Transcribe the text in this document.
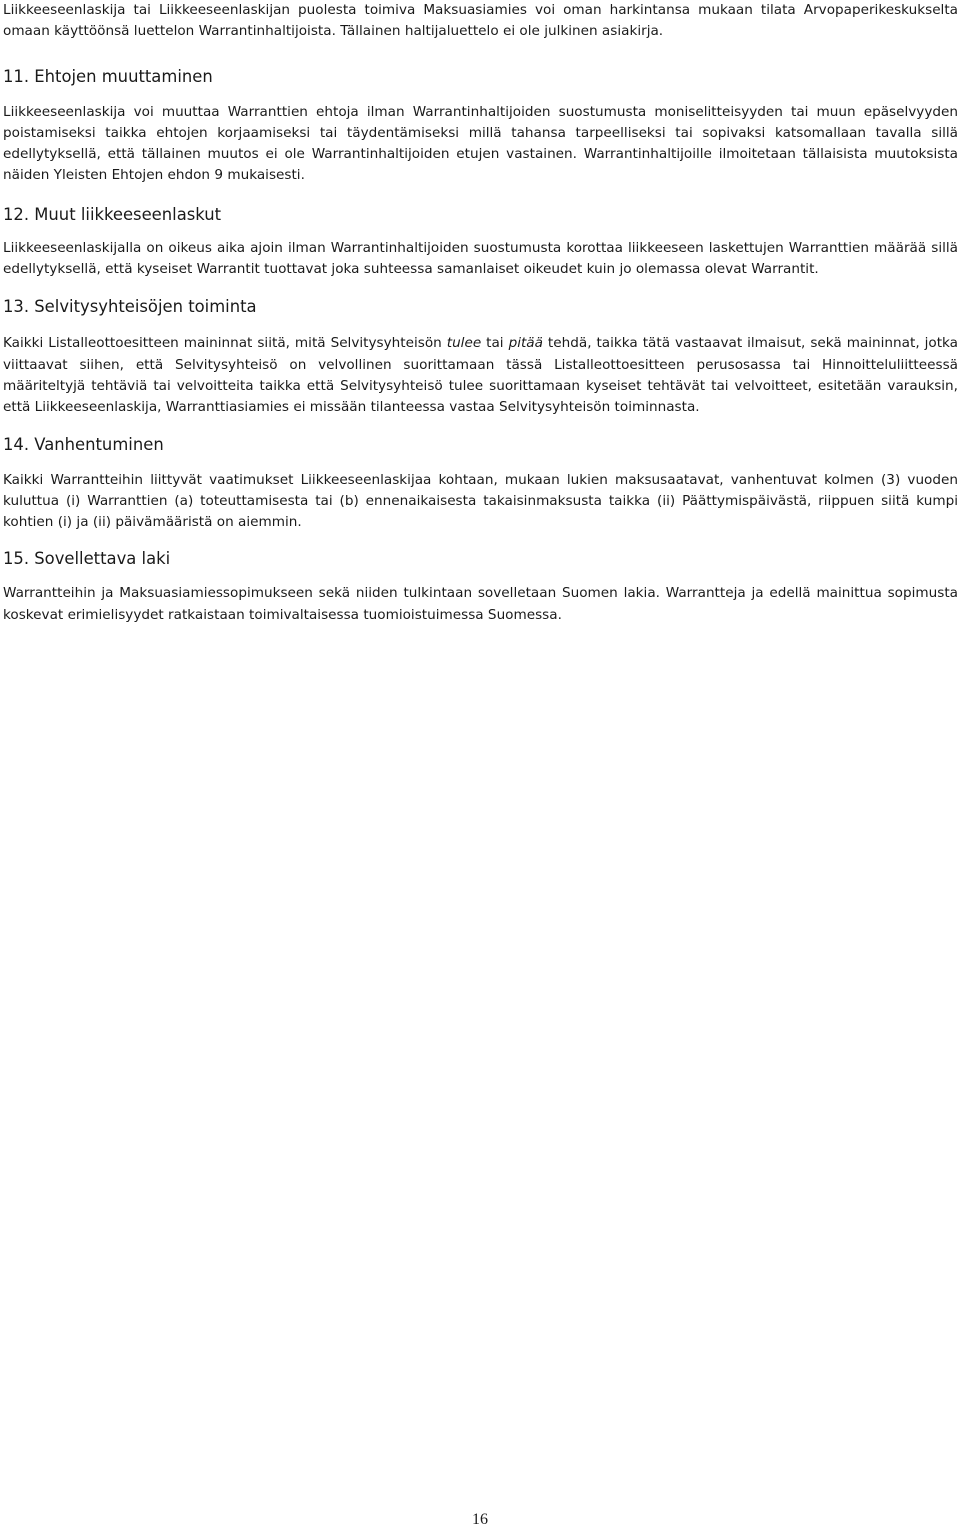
Liikkeeseenlaskija tai Liikkeeseenlaskijan puolesta toimiva Maksuasiamies voi oman harkintansa mukaan tilata Arvopaperikeskukselta omaan käyttöönsä luettelon Warrantinhaltijoista. Tällainen haltijaluettelo ei ole julkinen asiakirja.

11. Ehtojen muuttaminen

Liikkeeseenlaskija voi muuttaa Warranttien ehtoja ilman Warrantinhaltijoiden suostumusta moniselitteisyyden tai muun epäselvyyden poistamiseksi taikka ehtojen korjaamiseksi tai täydentämiseksi millä tahansa tarpeelliseksi tai sopivaksi katsomallaan tavalla sillä edellytyksellä, että tällainen muutos ei ole Warrantinhaltijoiden etujen vastainen. Warrantinhaltijoille ilmoitetaan tällaisista muutoksista näiden Yleisten Ehtojen ehdon 9 mukaisesti.

12. Muut liikkeeseenlaskut

Liikkeeseenlaskijalla on oikeus aika ajoin ilman Warrantinhaltijoiden suostumusta korottaa liikkeeseen laskettujen Warranttien määrää sillä edellytyksellä, että kyseiset Warrantit tuottavat joka suhteessa samanlaiset oikeudet kuin jo olemassa olevat Warrantit.

13. Selvitysyhteisöjen toiminta

Kaikki Listalleottoesitteen maininnat siitä, mitä Selvitysyhteisön tulee tai pitää tehdä, taikka tätä vastaavat ilmaisut, sekä maininnat, jotka viittaavat siihen, että Selvitysyhteisö on velvollinen suorittamaan tässä Listalleottoesitteen perusosassa tai Hinnoitteluliitteessä määriteltyjä tehtäviä tai velvoitteita taikka että Selvitysyhteisö tulee suorittamaan kyseiset tehtävät tai velvoitteet, esitetään varauksin, että Liikkeeseenlaskija, Warranttiasiamies ei missään tilanteessa vastaa Selvitysyhteisön toiminnasta.

14. Vanhentuminen

Kaikki Warrantteihin liittyvät vaatimukset Liikkeeseenlaskijaa kohtaan, mukaan lukien maksusaatavat, vanhentuvat kolmen (3) vuoden kuluttua (i) Warranttien (a) toteuttamisesta tai (b) ennenaikaisesta takaisinmaksusta taikka (ii) Päättymispäivästä, riippuen siitä kumpi kohtien (i) ja (ii) päivämääristä on aiemmin.

15. Sovellettava laki

Warrantteihin ja Maksuasiamiessopimukseen sekä niiden tulkintaan sovelletaan Suomen lakia. Warrantteja ja edellä mainittua sopimusta koskevat erimielisyydet ratkaistaan toimivaltaisessa tuomioistuimessa Suomessa.

16
